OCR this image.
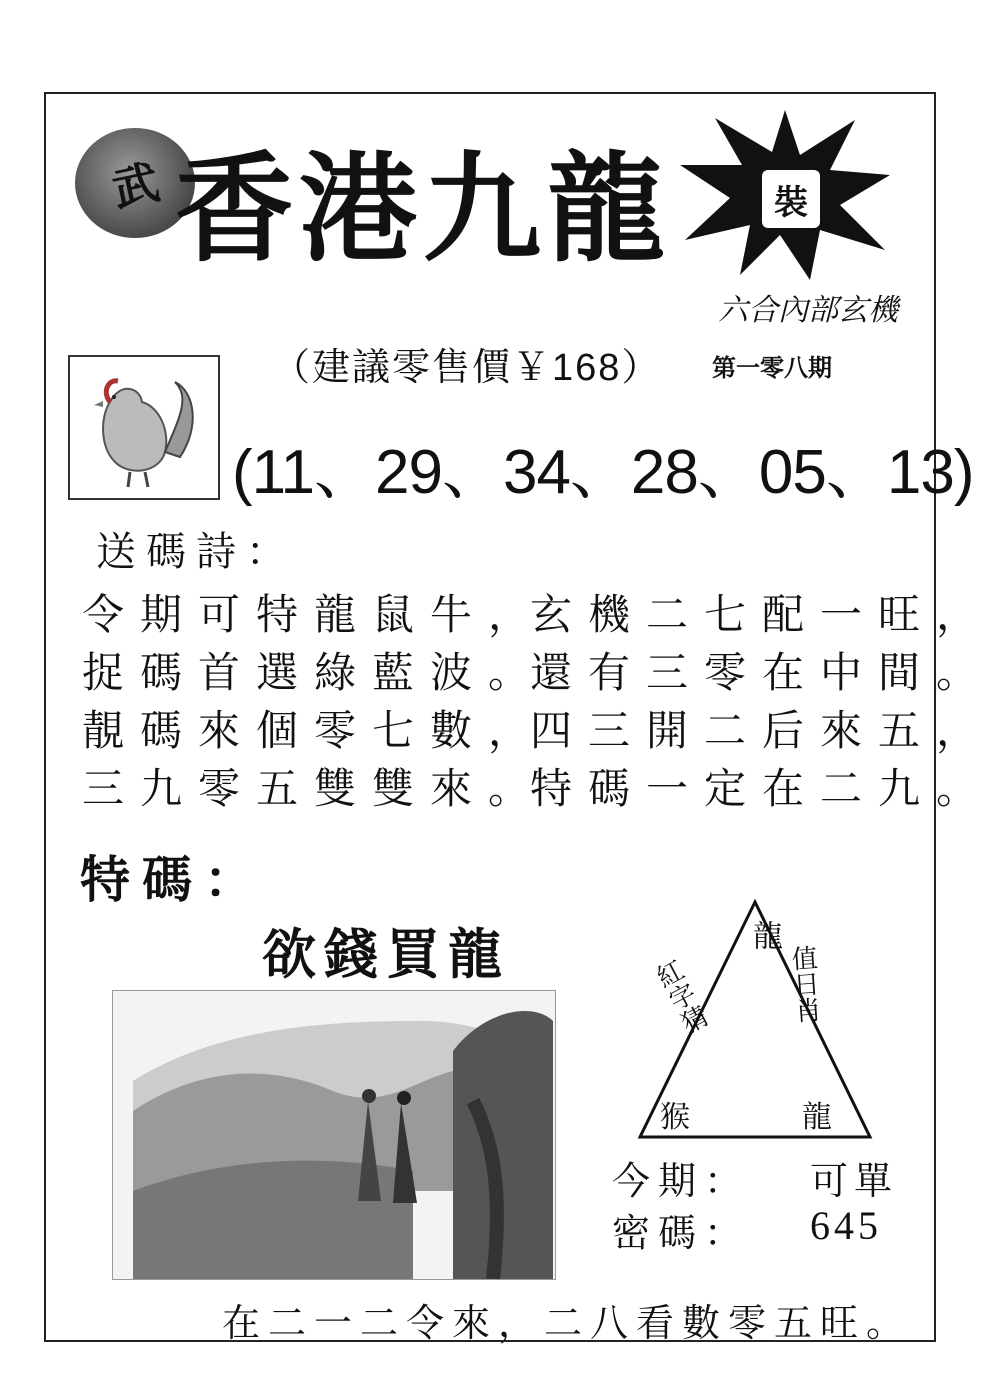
武 香港九龍	裝
六合內部玄機
（建議零售價￥168） 第一零八期
(11、29、34、28、05、13)
送碼詩：
令期可特龍鼠牛，
捉碼首選綠藍波。
靚碼來個零七數，
三九零五雙雙來。
玄機二七配一旺，
還有三零在中間。
四三開二后來五，
特碼一定在二九。
特碼：
欲錢買龍	龍
紅字猜	值日肖
猴	龍
今期： 可單
密碼： 645
在二一二令來，二八看數零五旺。
